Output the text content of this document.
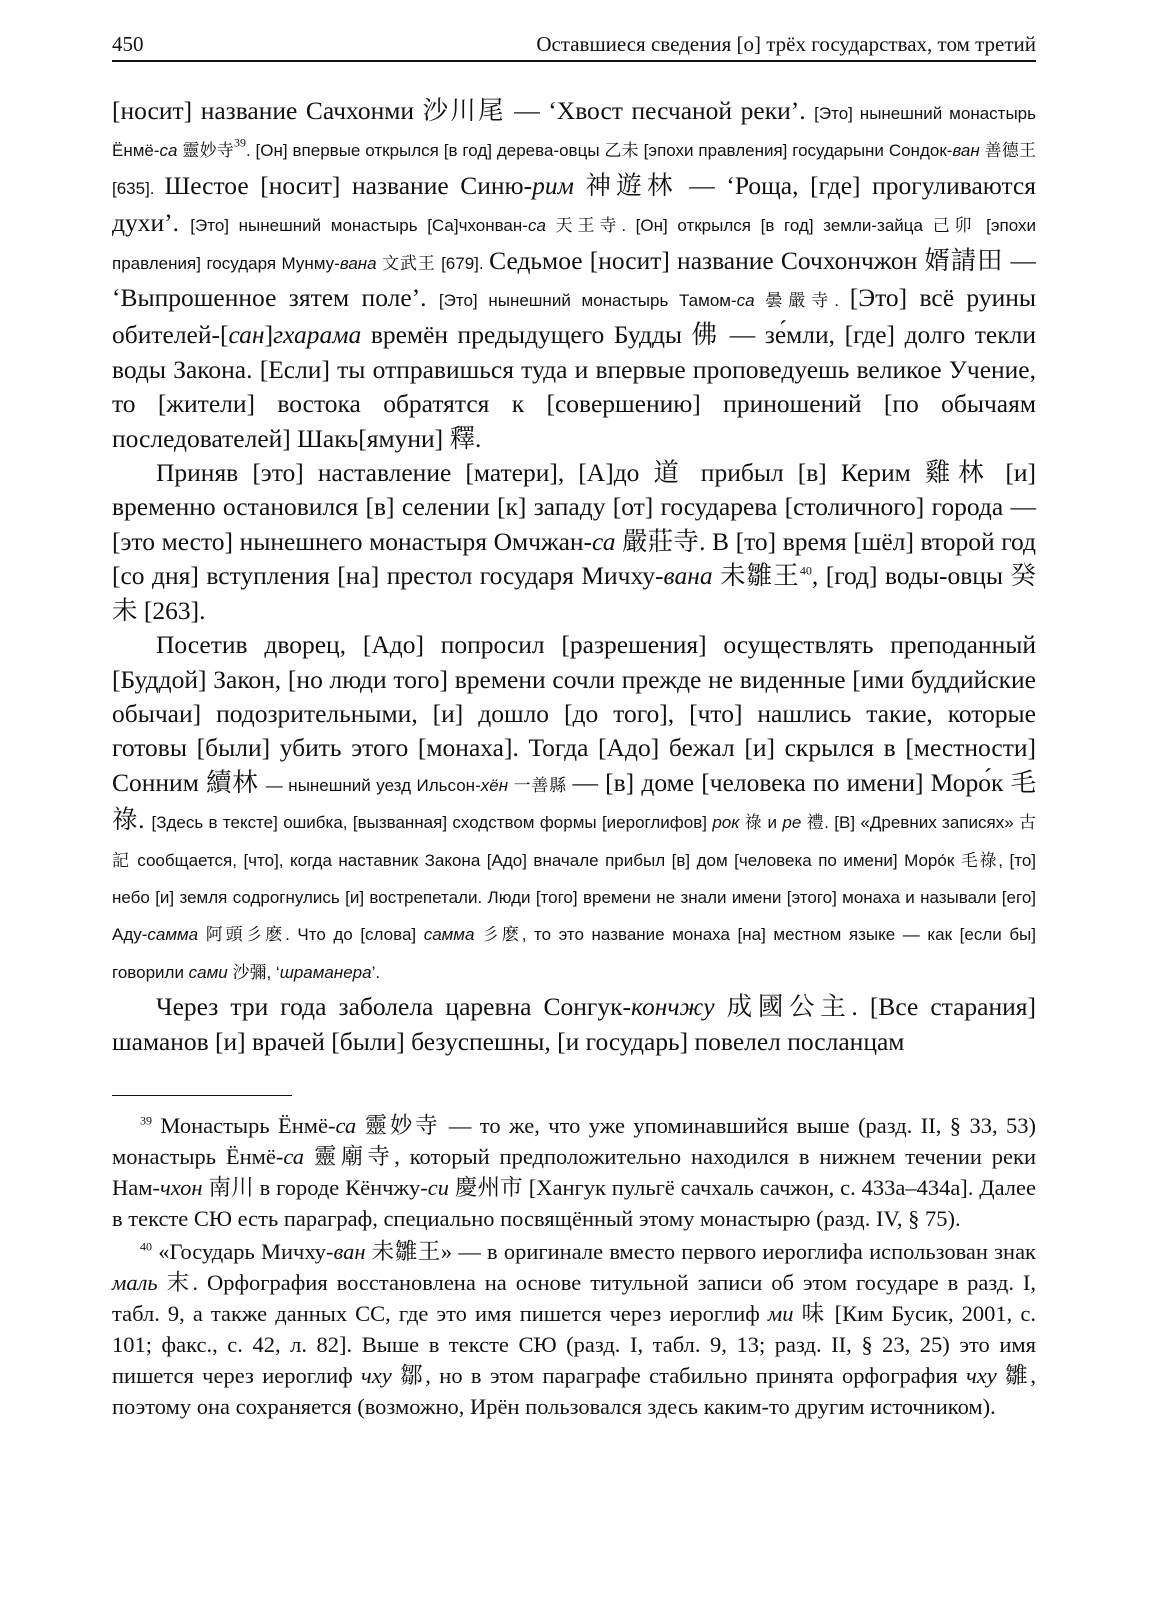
450	Оставшиеся сведения [о] трёх государствах, том третий

[носит] название Сачхонми 沙川尾 — ‘Хвост песчаной реки’. [Это] нынешний монастырь Ёнмё-са 靈妙寺$^{39}$. [Он] впервые открылся [в год] дерева-овцы 乙未 [эпохи правления] государыни Сондок-ван 善德王 [635]. Шестое [носит] название Синю-рим 神遊林 — ‘Роща, [где] прогуливаются духи’. [Это] нынешний монастырь [Са]чхонван-са 天王寺. [Он] открылся [в год] земли-зайца 己卯 [эпохи правления] государя Мунму-вана 文武王 [679]. Седьмое [носит] название Сочхончжон 婿請田 — ‘Выпрошенное зятем поле’. [Это] нынешний монастырь Тамом-са 曇嚴寺. [Это] всё руины обителей-[сан]гхарама времён предыдущего Будды 佛 — зе́мли, [где] долго текли воды Закона. [Если] ты отправишься туда и впервые проповедуешь великое Учение, то [жители] востока обратятся к [совершению] приношений [по обычаям последователей] Шакь[ямуни] 釋.

Приняв [это] наставление [матери], [А]до 道 прибыл [в] Керим 雞林 [и] временно остановился [в] селении [к] западу [от] государева [столичного] города — [это место] нынешнего монастыря Омчжан-са 嚴莊寺. В [то] время [шёл] второй год [со дня] вступления [на] престол государя Мичху-вана 未雛王$^{40}$, [год] воды-овцы 癸未 [263].

Посетив дворец, [Адо] попросил [разрешения] осуществлять преподанный [Буддой] Закон, [но люди того] времени сочли прежде не виденные [ими буддийские обычаи] подозрительными, [и] дошло [до того], [что] нашлись такие, которые готовы [были] убить этого [монаха]. Тогда [Адо] бежал [и] скрылся в [местности] Сонним 續林 — нынешний уезд Ильсон-хён 一善縣 — [в] доме [человека по имени] Моро́к 毛祿. [Здесь в тексте] ошибка, [вызванная] сходством формы [иероглифов] рок 祿 и ре 禮. [В] «Древних записях» 古記 сообщается, [что], когда наставник Закона [Адо] вначале прибыл [в] дом [человека по имени] Моро́к 毛祿, [то] небо [и] земля содрогнулись [и] вострепетали. Люди [того] времени не знали имени [этого] монаха и называли [его] Аду-самма 阿頭彡麽. Что до [слова] самма 彡麽, то это название монаха [на] местном языке — как [если бы] говорили сами 沙彌, ‘шраманера’.

Через три года заболела царевна Сонгук-кончжу 成國公主. [Все старания] шаманов [и] врачей [были] безуспешны, [и государь] повелел посланцам

$^{39}$ Монастырь Ёнмё-са 靈妙寺 — то же, что уже упоминавшийся выше (разд. II, § 33, 53) монастырь Ёнмё-са 靈廟寺, который предположительно находился в нижнем течении реки Нам-чхон 南川 в городе Кёнчжу-си 慶州市 [Хангук пульгё сачхаль сачжон, с. 433а–434а]. Далее в тексте СЮ есть параграф, специально посвящённый этому монастырю (разд. IV, § 75).

$^{40}$ «Государь Мичху-ван 未雛王» — в оригинале вместо первого иероглифа использован знак маль 末. Орфография восстановлена на основе титульной записи об этом государе в разд. I, табл. 9, а также данных СС, где это имя пишется через иероглиф ми 味 [Ким Бусик, 2001, с. 101; факс., с. 42, л. 82]. Выше в тексте СЮ (разд. I, табл. 9, 13; разд. II, § 23, 25) это имя пишется через иероглиф чху 鄒, но в этом параграфе стабильно принята орфография чху 雛, поэтому она сохраняется (возможно, Ирён пользовался здесь каким-то другим источником).
